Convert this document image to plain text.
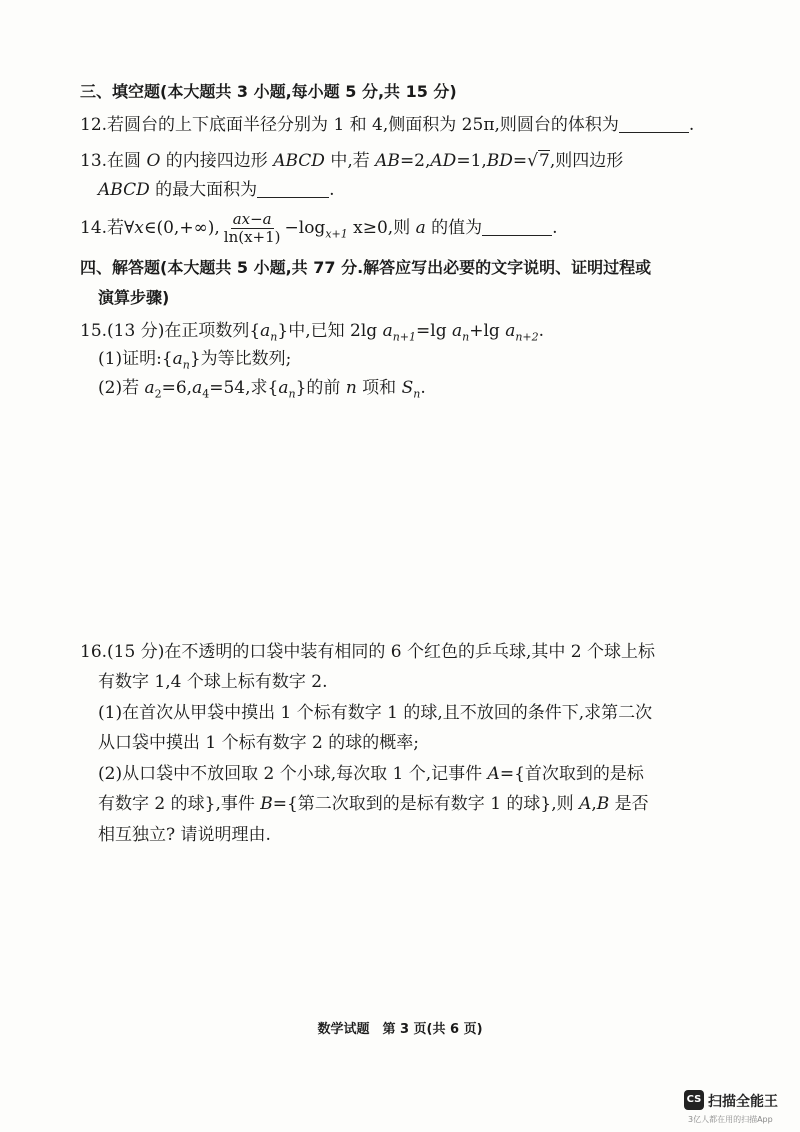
三、填空题(本大题共 3 小题,每小题 5 分,共 15 分)
12.若圆台的上下底面半径分别为 1 和 4,侧面积为 25π,则圆台的体积为	.
13.在圆 O 的内接四边形 ABCD 中,若 AB=2,AD=1,BD=√7,则四边形
ABCD 的最大面积为	.
14.若∀x∈(0,+∞), $\frac{ax-a}{\ln(x+1)} -\log_{x+1}$ x≥0,则 a 的值为	.
四、解答题(本大题共 5 小题,共 77 分.解答应写出必要的文字说明、证明过程或
演算步骤)
15.(13 分)在正项数列$\{a_n\}$中,已知 2lg $a_{n+1}=\lg$ $a_n+\lg$ $a_{n+2}$.
(1)证明$:\{a_n\}$为等比数列;
(2)若 $a_2=6,a_4=54$,求$\{a_n\}$的前 n 项和 $S_n$.
16.(15 分)在不透明的口袋中装有相同的 6 个红色的乒乓球,其中 2 个球上标
有数字 1,4 个球上标有数字 2.
(1)在首次从甲袋中摸出 1 个标有数字 1 的球,且不放回的条件下,求第二次
从口袋中摸出 1 个标有数字 2 的球的概率;
(2)从口袋中不放回取 2 个小球,每次取 1 个,记事件 A={首次取到的是标
有数字 2 的球},事件 B={第二次取到的是标有数字 1 的球},则 A,B 是否
相互独立? 请说明理由.
数学试题　第 3 页(共 6 页)
CS 扫描全能王
3亿人都在用的扫描App
